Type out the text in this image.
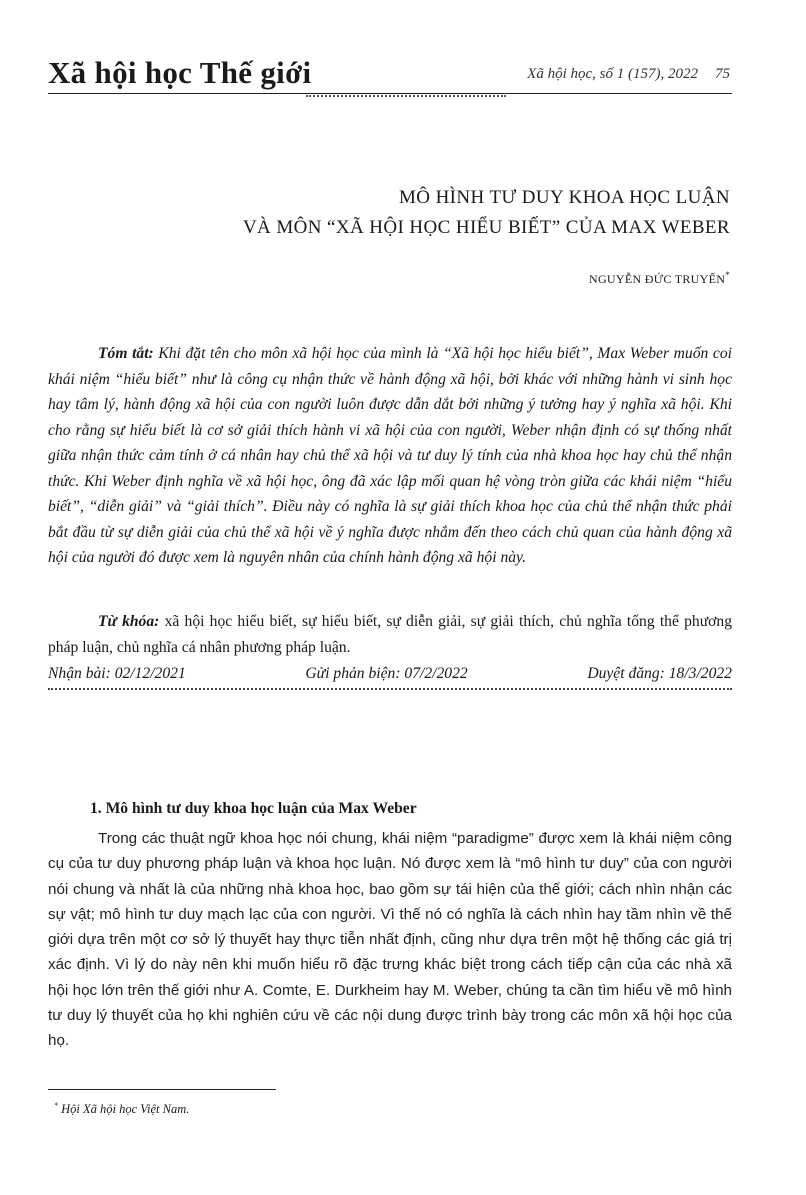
Xã hội học Thế giới	Xã hội học, số 1 (157), 2022 75
MÔ HÌNH TƯ DUY KHOA HỌC LUẬN
VÀ MÔN “XÃ HỘI HỌC HIỂU BIẾT” CỦA MAX WEBER
NGUYỄN ĐỨC TRUYẾN*
Tóm tắt: Khi đặt tên cho môn xã hội học của mình là “Xã hội học hiểu biết”, Max Weber muốn coi khái niệm “hiểu biết” như là công cụ nhận thức về hành động xã hội, bởi khác với những hành vi sinh học hay tâm lý, hành động xã hội của con người luôn được dẫn dắt bởi những ý tưởng hay ý nghĩa xã hội. Khi cho rằng sự hiểu biết là cơ sở giải thích hành vi xã hội của con người, Weber nhận định có sự thống nhất giữa nhận thức cảm tính ở cá nhân hay chủ thể xã hội và tư duy lý tính của nhà khoa học hay chủ thể nhận thức. Khi Weber định nghĩa về xã hội học, ông đã xác lập mối quan hệ vòng tròn giữa các khái niệm “hiểu biết”, “diễn giải” và “giải thích”. Điều này có nghĩa là sự giải thích khoa học của chủ thể nhận thức phải bắt đầu từ sự diễn giải của chủ thể xã hội về ý nghĩa được nhắm đến theo cách chủ quan của hành động xã hội của người đó được xem là nguyên nhân của chính hành động xã hội này.
Từ khóa: xã hội học hiểu biết, sự hiểu biết, sự diễn giải, sự giải thích, chủ nghĩa tổng thể phương pháp luận, chủ nghĩa cá nhân phương pháp luận.
Nhận bài: 02/12/2021	Gửi phản biện: 07/2/2022	Duyệt đăng: 18/3/2022
1. Mô hình tư duy khoa học luận của Max Weber
Trong các thuật ngữ khoa học nói chung, khái niệm “paradigme” được xem là khái niệm công cụ của tư duy phương pháp luận và khoa học luận. Nó được xem là “mô hình tư duy” của con người nói chung và nhất là của những nhà khoa học, bao gồm sự tái hiện của thế giới; cách nhìn nhận các sự vật; mô hình tư duy mạch lạc của con người. Vì thế nó có nghĩa là cách nhìn hay tầm nhìn về thế giới dựa trên một cơ sở lý thuyết hay thực tiễn nhất định, cũng như dựa trên một hệ thống các giá trị xác định. Vì lý do này nên khi muốn hiểu rõ đặc trưng khác biệt trong cách tiếp cận của các nhà xã hội học lớn trên thế giới như A. Comte, E. Durkheim hay M. Weber, chúng ta cần tìm hiểu về mô hình tư duy lý thuyết của họ khi nghiên cứu về các nội dung được trình bày trong các môn xã hội học của họ.
* Hội Xã hội học Việt Nam.
